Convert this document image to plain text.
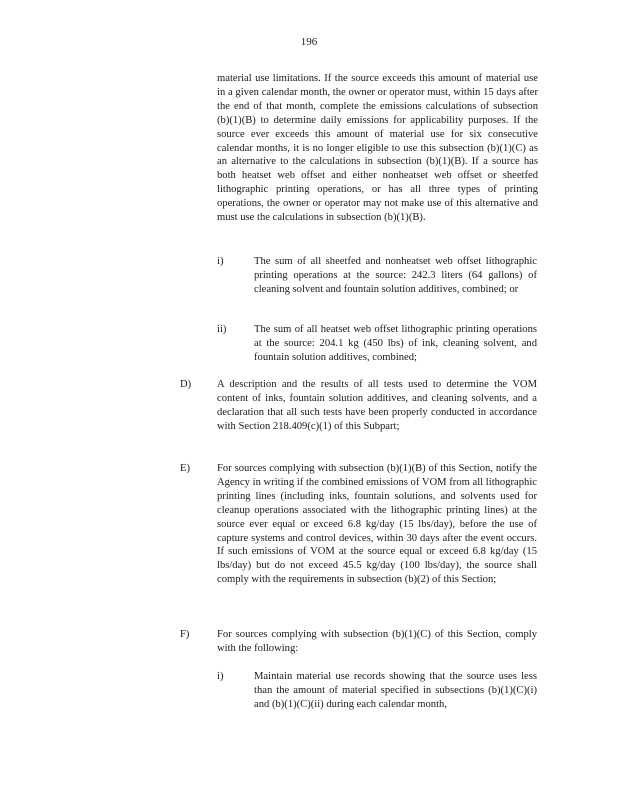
196
material use limitations. If the source exceeds this amount of material use in a given calendar month, the owner or operator must, within 15 days after the end of that month, complete the emissions calculations of subsection (b)(1)(B) to determine daily emissions for applicability purposes. If the source ever exceeds this amount of material use for six consecutive calendar months, it is no longer eligible to use this subsection (b)(1)(C) as an alternative to the calculations in subsection (b)(1)(B). If a source has both heatset web offset and either nonheatset web offset or sheetfed lithographic printing operations, or has all three types of printing operations, the owner or operator may not make use of this alternative and must use the calculations in subsection (b)(1)(B).
i)	The sum of all sheetfed and nonheatset web offset lithographic printing operations at the source: 242.3 liters (64 gallons) of cleaning solvent and fountain solution additives, combined; or
ii)	The sum of all heatset web offset lithographic printing operations at the source: 204.1 kg (450 lbs) of ink, cleaning solvent, and fountain solution additives, combined;
D) A description and the results of all tests used to determine the VOM content of inks, fountain solution additives, and cleaning solvents, and a declaration that all such tests have been properly conducted in accordance with Section 218.409(c)(1) of this Subpart;
E)	For sources complying with subsection (b)(1)(B) of this Section, notify the Agency in writing if the combined emissions of VOM from all lithographic printing lines (including inks, fountain solutions, and solvents used for cleanup operations associated with the lithographic printing lines) at the source ever equal or exceed 6.8 kg/day (15 lbs/day), before the use of capture systems and control devices, within 30 days after the event occurs. If such emissions of VOM at the source equal or exceed 6.8 kg/day (15 lbs/day) but do not exceed 45.5 kg/day (100 lbs/day), the source shall comply with the requirements in subsection (b)(2) of this Section;
F)	For sources complying with subsection (b)(1)(C) of this Section, comply with the following:
i)	Maintain material use records showing that the source uses less than the amount of material specified in subsections (b)(1)(C)(i) and (b)(1)(C)(ii) during each calendar month,
